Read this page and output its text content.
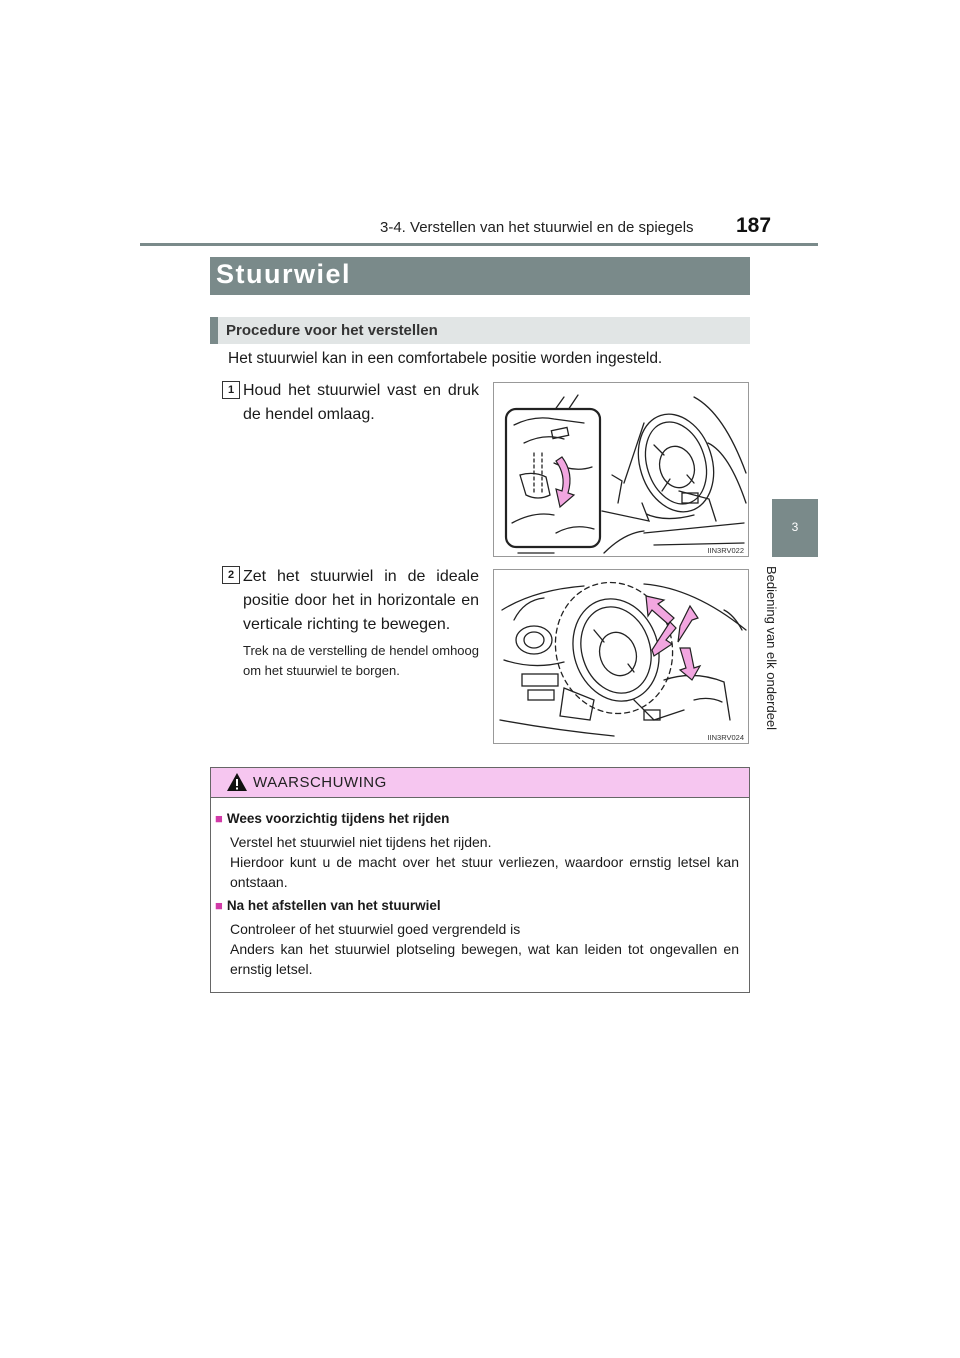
3-4. Verstellen van het stuurwiel en de spiegels 187
3
Bediening van elk onderdeel
Stuurwiel
Procedure voor het verstellen
Het stuurwiel kan in een comfortabele positie worden ingesteld.
1 Houd het stuurwiel vast en druk de hendel omlaag.
IIN3RV022
2 Zet het stuurwiel in de ideale positie door het in horizontale en verticale richting te bewegen.
Trek na de verstelling de hendel omhoog om het stuurwiel te borgen.
IIN3RV024
WAARSCHUWING
■ Wees voorzichtig tijdens het rijden
Verstel het stuurwiel niet tijdens het rijden.
Hierdoor kunt u de macht over het stuur verliezen, waardoor ernstig letsel kan ontstaan.
■ Na het afstellen van het stuurwiel
Controleer of het stuurwiel goed vergrendeld is
Anders kan het stuurwiel plotseling bewegen, wat kan leiden tot ongevallen en ernstig letsel.
